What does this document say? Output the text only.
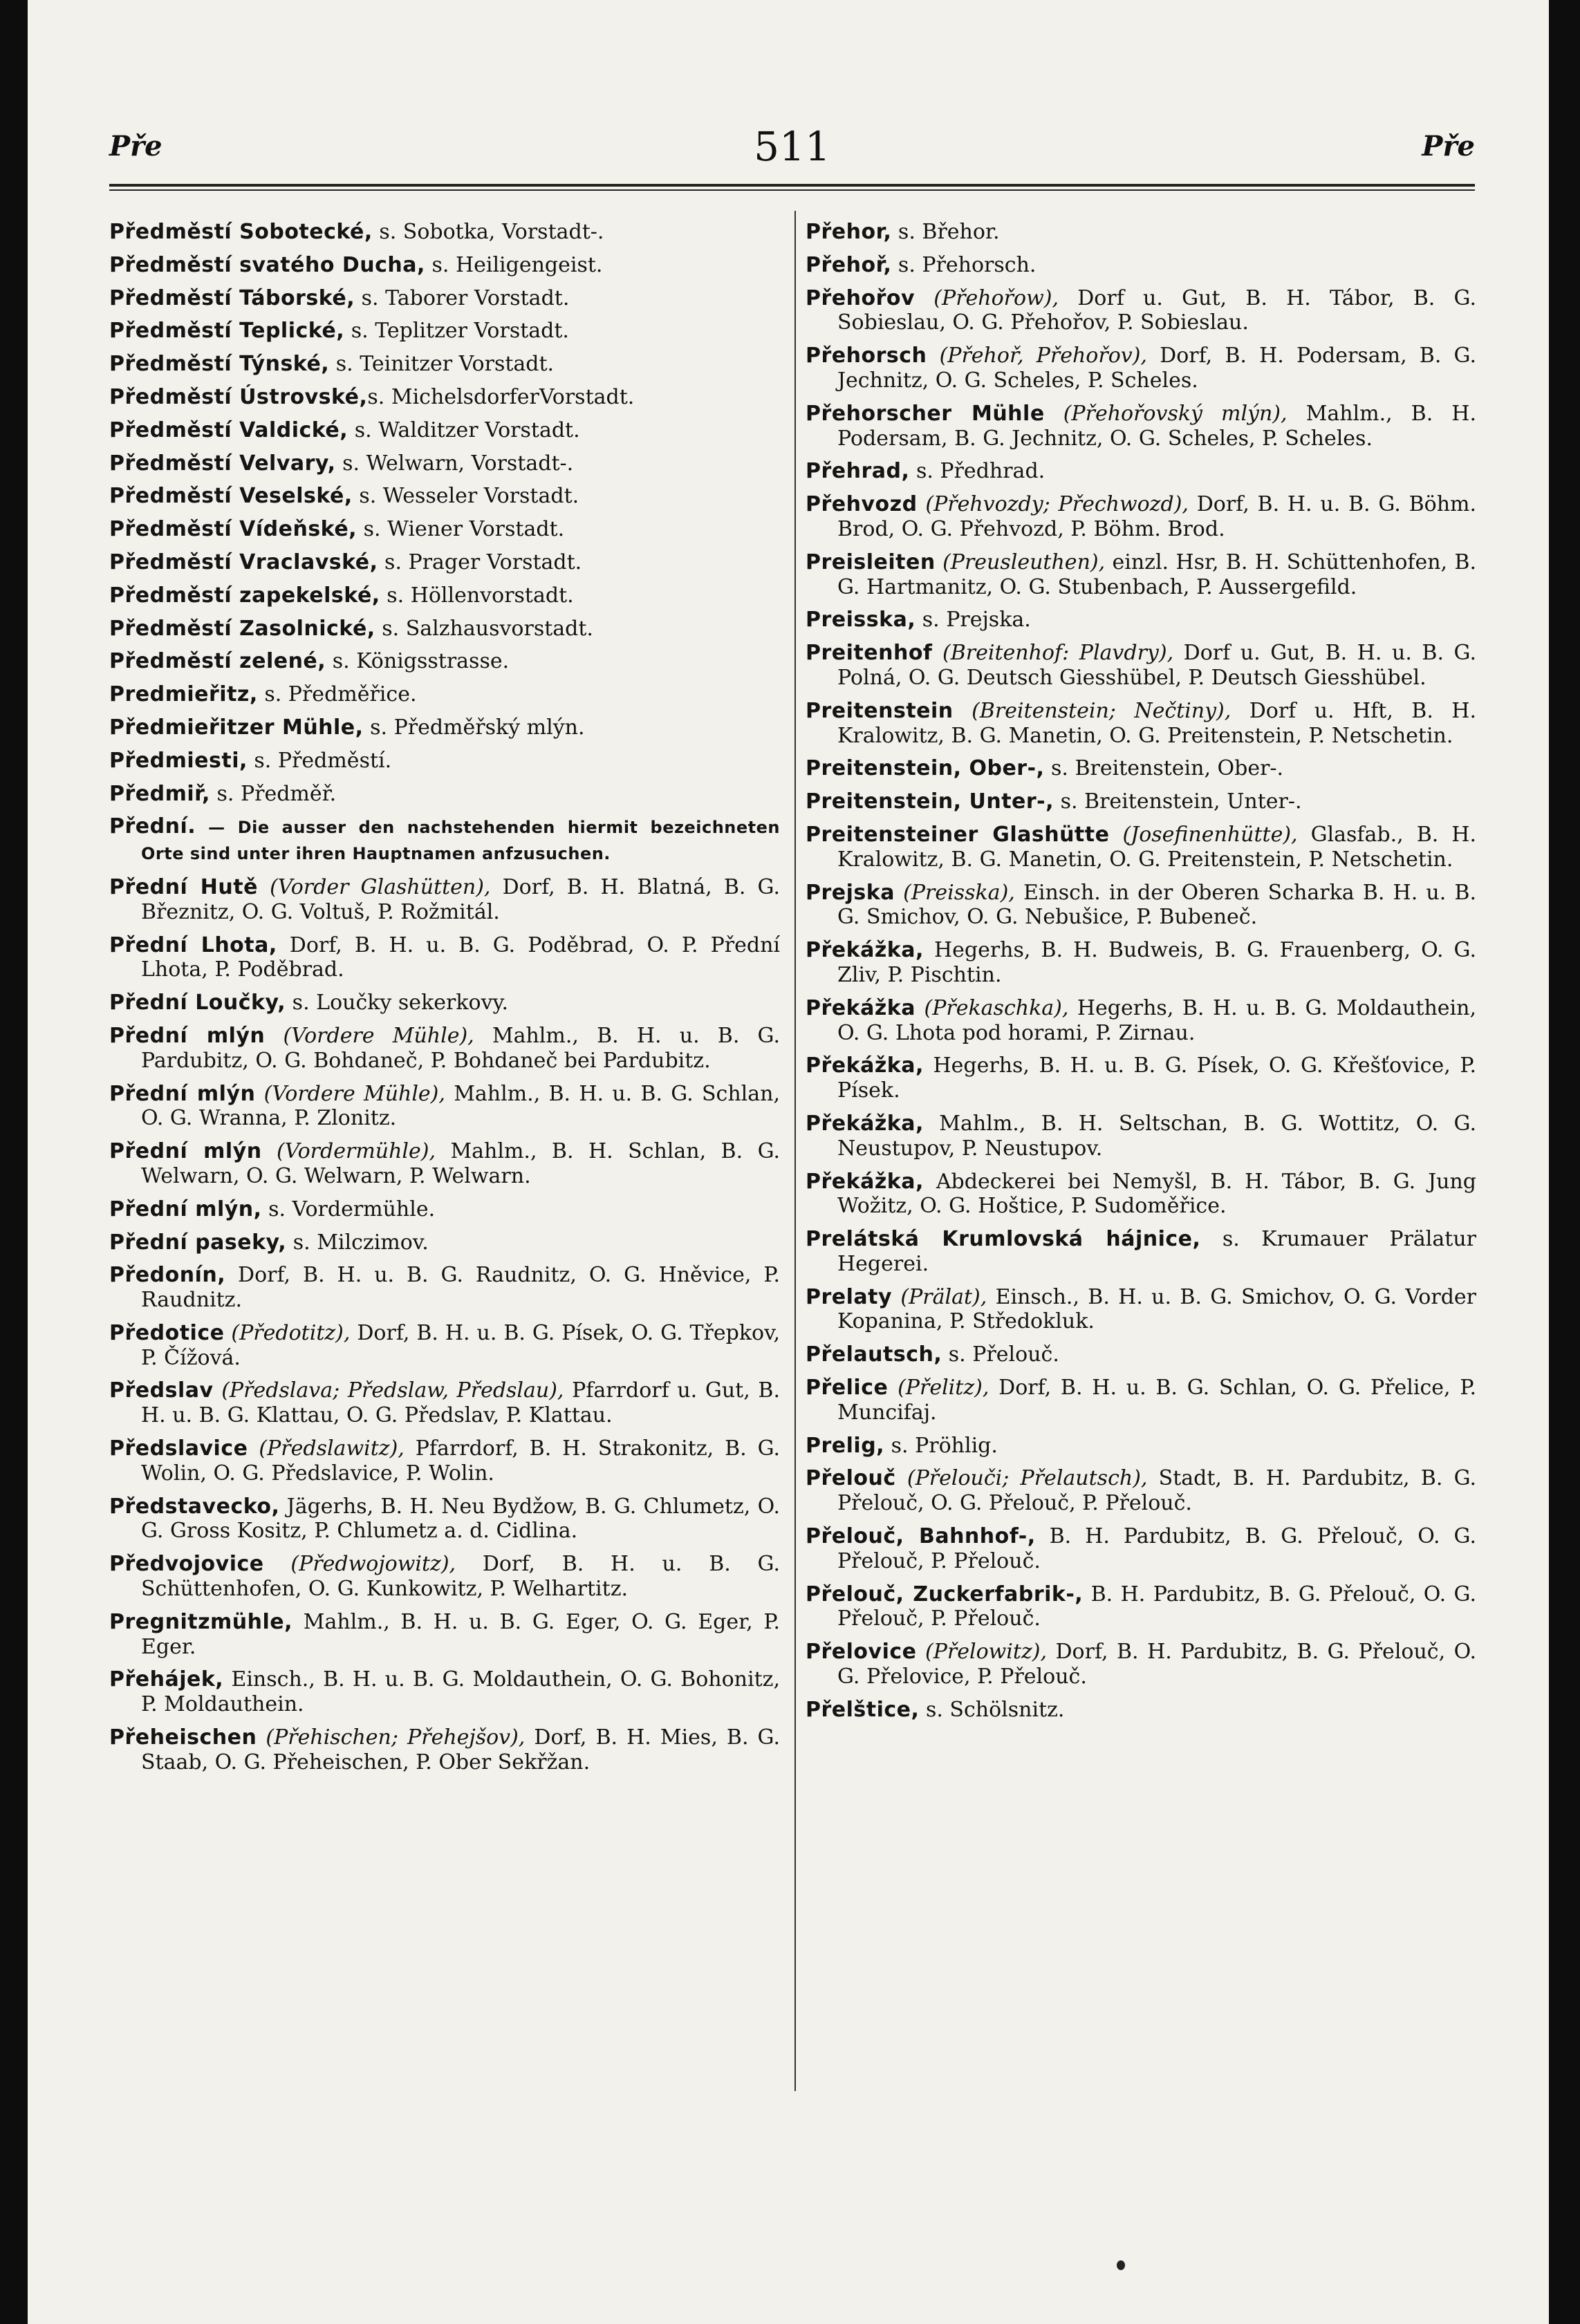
Pře	511	Pře
Předměstí Sobotecké, s. Sobotka, Vorstadt-.
Předměstí svatého Ducha, s. Heiligengeist.
Předměstí Táborské, s. Taborer Vorstadt.
Předměstí Teplické, s. Teplitzer Vorstadt.
Předměstí Týnské, s. Teinitzer Vorstadt.
Předměstí Ústrovské,s. MichelsdorferVorstadt.
Předměstí Valdické, s. Walditzer Vorstadt.
Předměstí Velvary, s. Welwarn, Vorstadt-.
Předměstí Veselské, s. Wesseler Vorstadt.
Předměstí Vídeňské, s. Wiener Vorstadt.
Předměstí Vraclavské, s. Prager Vorstadt.
Předměstí zapekelské, s. Höllenvorstadt.
Předměstí Zasolnické, s. Salzhausvorstadt.
Předměstí zelené, s. Königsstrasse.
Predmieřitz, s. Předměřice.
Předmieřitzer Mühle, s. Předměřský mlýn.
Předmiesti, s. Předměstí.
Předmiř, s. Předměř.
Přední. — Die ausser den nachstehenden hiermit bezeichneten Orte sind unter ihren Hauptnamen anfzusuchen.
Přední Hutě (Vorder Glashütten), Dorf, B. H. Blatná, B. G. Březnitz, O. G. Voltuš, P. Rožmitál.
Přední Lhota, Dorf, B. H. u. B. G. Poděbrad, O. P. Přední Lhota, P. Poděbrad.
Přední Loučky, s. Loučky sekerkovy.
Přední mlýn (Vordere Mühle), Mahlm., B. H. u. B. G. Pardubitz, O. G. Bohdaneč, P. Bohdaneč bei Pardubitz.
Přední mlýn (Vordere Mühle), Mahlm., B. H. u. B. G. Schlan, O. G. Wranna, P. Zlonitz.
Přední mlýn (Vordermühle), Mahlm., B. H. Schlan, B. G. Welwarn, O. G. Welwarn, P. Welwarn.
Přední mlýn, s. Vordermühle.
Přední paseky, s. Milczimov.
Předonín, Dorf, B. H. u. B. G. Raudnitz, O. G. Hněvice, P. Raudnitz.
Předotice (Předotitz), Dorf, B. H. u. B. G. Písek, O. G. Třepkov, P. Čížová.
Předslav (Předslava; Předslaw, Předslau), Pfarrdorf u. Gut, B. H. u. B. G. Klattau, O. G. Předslav, P. Klattau.
Předslavice (Předslawitz), Pfarrdorf, B. H. Strakonitz, B. G. Wolin, O. G. Předslavice, P. Wolin.
Představecko, Jägerhs, B. H. Neu Bydžow, B. G. Chlumetz, O. G. Gross Kositz, P. Chlumetz a. d. Cidlina.
Předvojovice (Předwojowitz), Dorf, B. H. u. B. G. Schüttenhofen, O. G. Kunkowitz, P. Welhartitz.
Pregnitzmühle, Mahlm., B. H. u. B. G. Eger, O. G. Eger, P. Eger.
Přehájek, Einsch., B. H. u. B. G. Moldauthein, O. G. Bohonitz, P. Moldauthein.
Přeheischen (Přehischen; Přehejšov), Dorf, B. H. Mies, B. G. Staab, O. G. Přeheischen, P. Ober Sekřžan.
Přehor, s. Břehor.
Přehoř, s. Přehorsch.
Přehořov (Přehořow), Dorf u. Gut, B. H. Tábor, B. G. Sobieslau, O. G. Přehořov, P. Sobieslau.
Přehorsch (Přehoř, Přehořov), Dorf, B. H. Podersam, B. G. Jechnitz, O. G. Scheles, P. Scheles.
Přehorscher Mühle (Přehořovský mlýn), Mahlm., B. H. Podersam, B. G. Jechnitz, O. G. Scheles, P. Scheles.
Přehrad, s. Předhrad.
Přehvozd (Přehvozdy; Přechwozd), Dorf, B. H. u. B. G. Böhm. Brod, O. G. Přehvozd, P. Böhm. Brod.
Preisleiten (Preusleuthen), einzl. Hsr, B. H. Schüttenhofen, B. G. Hartmanitz, O. G. Stubenbach, P. Aussergefild.
Preisska, s. Prejska.
Preitenhof (Breitenhof: Plavdry), Dorf u. Gut, B. H. u. B. G. Polná, O. G. Deutsch Giesshübel, P. Deutsch Giesshübel.
Preitenstein (Breitenstein; Nečtiny), Dorf u. Hft, B. H. Kralowitz, B. G. Manetin, O. G. Preitenstein, P. Netschetin.
Preitenstein, Ober-, s. Breitenstein, Ober-.
Preitenstein, Unter-, s. Breitenstein, Unter-.
Preitensteiner Glashütte (Josefinenhütte), Glasfab., B. H. Kralowitz, B. G. Manetin, O. G. Preitenstein, P. Netschetin.
Prejska (Preisska), Einsch. in der Oberen Scharka B. H. u. B. G. Smichov, O. G. Nebušice, P. Bubeneč.
Překážka, Hegerhs, B. H. Budweis, B. G. Frauenberg, O. G. Zliv, P. Pischtin.
Překážka (Překaschka), Hegerhs, B. H. u. B. G. Moldauthein, O. G. Lhota pod horami, P. Zirnau.
Překážka, Hegerhs, B. H. u. B. G. Písek, O. G. Křešťovice, P. Písek.
Překážka, Mahlm., B. H. Seltschan, B. G. Wottitz, O. G. Neustupov, P. Neustupov.
Překážka, Abdeckerei bei Nemyšl, B. H. Tábor, B. G. Jung Wožitz, O. G. Hoštice, P. Sudoměřice.
Prelátská Krumlovská hájnice, s. Krumauer Prälatur Hegerei.
Prelaty (Prälat), Einsch., B. H. u. B. G. Smichov, O. G. Vorder Kopanina, P. Středokluk.
Přelautsch, s. Přelouč.
Přelice (Přelitz), Dorf, B. H. u. B. G. Schlan, O. G. Přelice, P. Muncifaj.
Prelig, s. Pröhlig.
Přelouč (Přelouči; Přelautsch), Stadt, B. H. Pardubitz, B. G. Přelouč, O. G. Přelouč, P. Přelouč.
Přelouč, Bahnhof-, B. H. Pardubitz, B. G. Přelouč, O. G. Přelouč, P. Přelouč.
Přelouč, Zuckerfabrik-, B. H. Pardubitz, B. G. Přelouč, O. G. Přelouč, P. Přelouč.
Přelovice (Přelowitz), Dorf, B. H. Pardubitz, B. G. Přelouč, O. G. Přelovice, P. Přelouč.
Přelštice, s. Schölsnitz.
